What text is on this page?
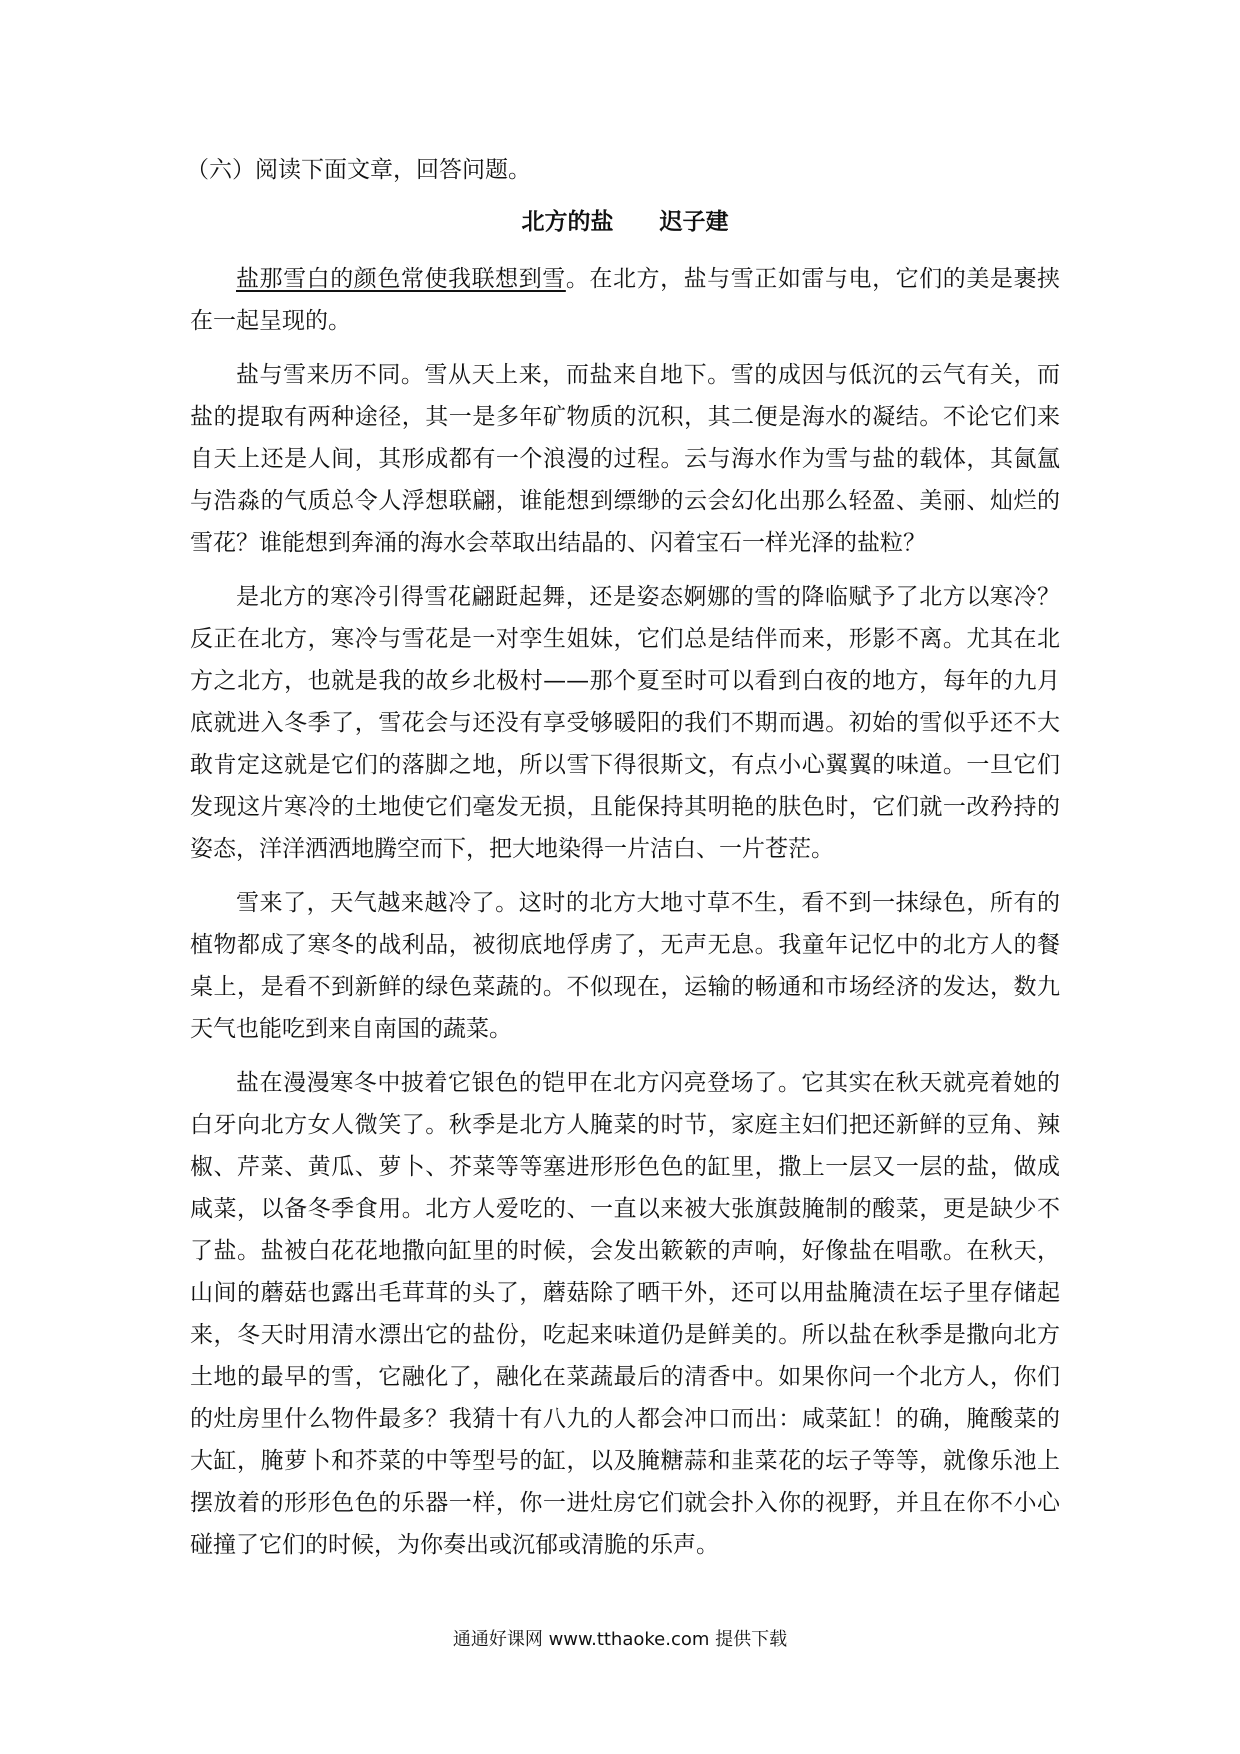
（六）阅读下面文章，回答问题。
北方的盐　　迟子建

盐那雪白的颜色常使我联想到雪。在北方，盐与雪正如雷与电，它们的美是裹挟在一起呈现的。

盐与雪来历不同。雪从天上来，而盐来自地下。雪的成因与低沉的云气有关，而盐的提取有两种途径，其一是多年矿物质的沉积，其二便是海水的凝结。不论它们来自天上还是人间，其形成都有一个浪漫的过程。云与海水作为雪与盐的载体，其氤氲与浩淼的气质总令人浮想联翩，谁能想到缥缈的云会幻化出那么轻盈、美丽、灿烂的雪花？谁能想到奔涌的海水会萃取出结晶的、闪着宝石一样光泽的盐粒？

是北方的寒冷引得雪花翩跹起舞，还是姿态婀娜的雪的降临赋予了北方以寒冷？反正在北方，寒冷与雪花是一对孪生姐妹，它们总是结伴而来，形影不离。尤其在北方之北方，也就是我的故乡北极村——那个夏至时可以看到白夜的地方，每年的九月底就进入冬季了，雪花会与还没有享受够暖阳的我们不期而遇。初始的雪似乎还不大敢肯定这就是它们的落脚之地，所以雪下得很斯文，有点小心翼翼的味道。一旦它们发现这片寒冷的土地使它们毫发无损，且能保持其明艳的肤色时，它们就一改矜持的姿态，洋洋洒洒地腾空而下，把大地染得一片洁白、一片苍茫。

雪来了，天气越来越冷了。这时的北方大地寸草不生，看不到一抹绿色，所有的植物都成了寒冬的战利品，被彻底地俘虏了，无声无息。我童年记忆中的北方人的餐桌上，是看不到新鲜的绿色菜蔬的。不似现在，运输的畅通和市场经济的发达，数九天气也能吃到来自南国的蔬菜。

盐在漫漫寒冬中披着它银色的铠甲在北方闪亮登场了。它其实在秋天就亮着她的白牙向北方女人微笑了。秋季是北方人腌菜的时节，家庭主妇们把还新鲜的豆角、辣椒、芹菜、黄瓜、萝卜、芥菜等等塞进形形色色的缸里，撒上一层又一层的盐，做成咸菜，以备冬季食用。北方人爱吃的、一直以来被大张旗鼓腌制的酸菜，更是缺少不了盐。盐被白花花地撒向缸里的时候，会发出簌簌的声响，好像盐在唱歌。在秋天，山间的蘑菇也露出毛茸茸的头了，蘑菇除了晒干外，还可以用盐腌渍在坛子里存储起来，冬天时用清水漂出它的盐份，吃起来味道仍是鲜美的。所以盐在秋季是撒向北方土地的最早的雪，它融化了，融化在菜蔬最后的清香中。如果你问一个北方人，你们的灶房里什么物件最多？我猜十有八九的人都会冲口而出：咸菜缸！的确，腌酸菜的大缸，腌萝卜和芥菜的中等型号的缸，以及腌糖蒜和韭菜花的坛子等等，就像乐池上摆放着的形形色色的乐器一样，你一进灶房它们就会扑入你的视野，并且在你不小心碰撞了它们的时候，为你奏出或沉郁或清脆的乐声。

通通好课网 www.tthaoke.com 提供下载
